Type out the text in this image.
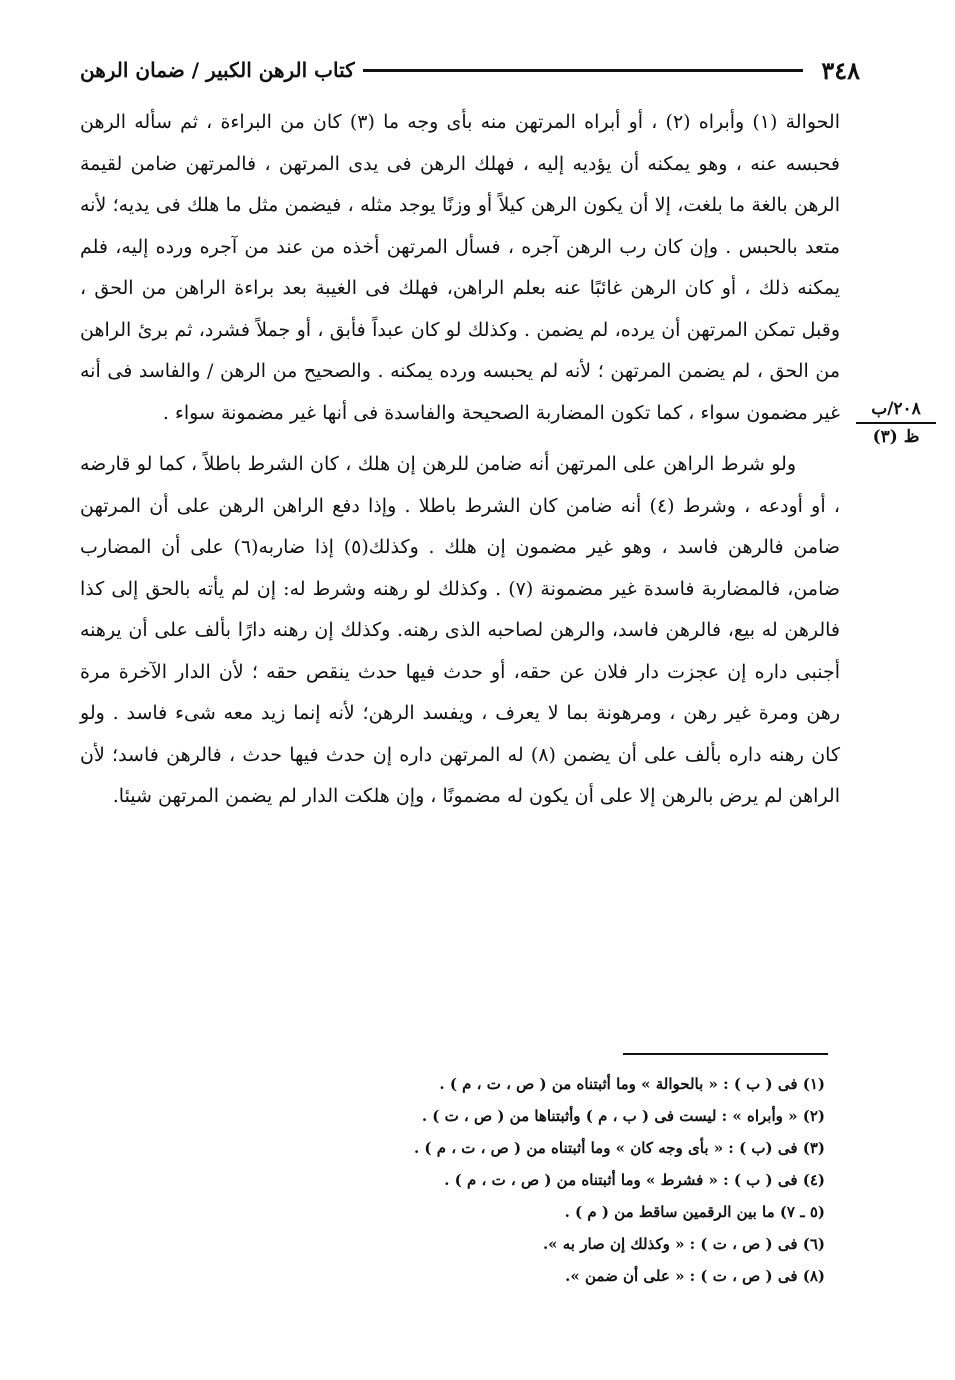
٣٤٨
كتاب الرهن الكبير / ضمان الرهن
٢٠٨/ب
ظ (٣)

الحوالة (١) وأبراه (٢) ، أو أبراه المرتهن منه بأى وجه ما (٣) كان من البراءة ، ثم سأله الرهن فحبسه عنه ، وهو يمكنه أن يؤديه إليه ، فهلك الرهن فى يدى المرتهن ، فالمرتهن ضامن لقيمة الرهن بالغة ما بلغت، إلا أن يكون الرهن كيلاً أو وزنًا يوجد مثله ، فيضمن مثل ما هلك فى يديه؛ لأنه متعد بالحبس . وإن كان رب الرهن آجره ، فسأل المرتهن أخذه من عند من آجره ورده إليه، فلم يمكنه ذلك ، أو كان الرهن غائبًا عنه بعلم الراهن، فهلك فى الغيبة بعد براءة الراهن من الحق ، وقبل تمكن المرتهن أن يرده، لم يضمن . وكذلك لو كان عبداً فأبق ، أو جملاً فشرد، ثم برئ الراهن من الحق ، لم يضمن المرتهن ؛ لأنه لم يحبسه ورده يمكنه . والصحيح من الرهن / والفاسد فى أنه غير مضمون سواء ، كما تكون المضاربة الصحيحة والفاسدة فى أنها غير مضمونة سواء .

ولو شرط الراهن على المرتهن أنه ضامن للرهن إن هلك ، كان الشرط باطلاً ، كما لو قارضه ، أو أودعه ، وشرط (٤) أنه ضامن كان الشرط باطلا . وإذا دفع الراهن الرهن على أن المرتهن ضامن فالرهن فاسد ، وهو غير مضمون إن هلك . وكذلك(٥) إذا ضاربه(٦) على أن المضارب ضامن، فالمضاربة فاسدة غير مضمونة (٧) . وكذلك لو رهنه وشرط له: إن لم يأته بالحق إلى كذا فالرهن له بيع، فالرهن فاسد، والرهن لصاحبه الذى رهنه. وكذلك إن رهنه دارًا بألف على أن يرهنه أجنبى داره إن عجزت دار فلان عن حقه، أو حدث فيها حدث ينقص حقه ؛ لأن الدار الآخرة مرة رهن ومرة غير رهن ، ومرهونة بما لا يعرف ، ويفسد الرهن؛ لأنه إنما زيد معه شىء فاسد . ولو كان رهنه داره بألف على أن يضمن (٨) له المرتهن داره إن حدث فيها حدث ، فالرهن فاسد؛ لأن الراهن لم يرض بالرهن إلا على أن يكون له مضمونًا ، وإن هلكت الدار لم يضمن المرتهن شيئا.

(١) فى ( ب ) : « بالحوالة » وما أثبتناه من ( ص ، ت ، م ) .
(٢) « وأبراه » : ليست فى ( ب ، م ) وأثبتناها من ( ص ، ت ) .
(٣) فى (ب ) : « بأى وجه كان » وما أثبتناه من ( ص ، ت ، م ) .
(٤) فى ( ب ) : « فشرط » وما أثبتناه من ( ص ، ت ، م ) .
(٥ ـ ٧) ما بين الرقمين ساقط من ( م ) .
(٦) فى ( ص ، ت ) : « وكذلك إن صار به ».
(٨) فى ( ص ، ت ) : « على أن ضمن ».
